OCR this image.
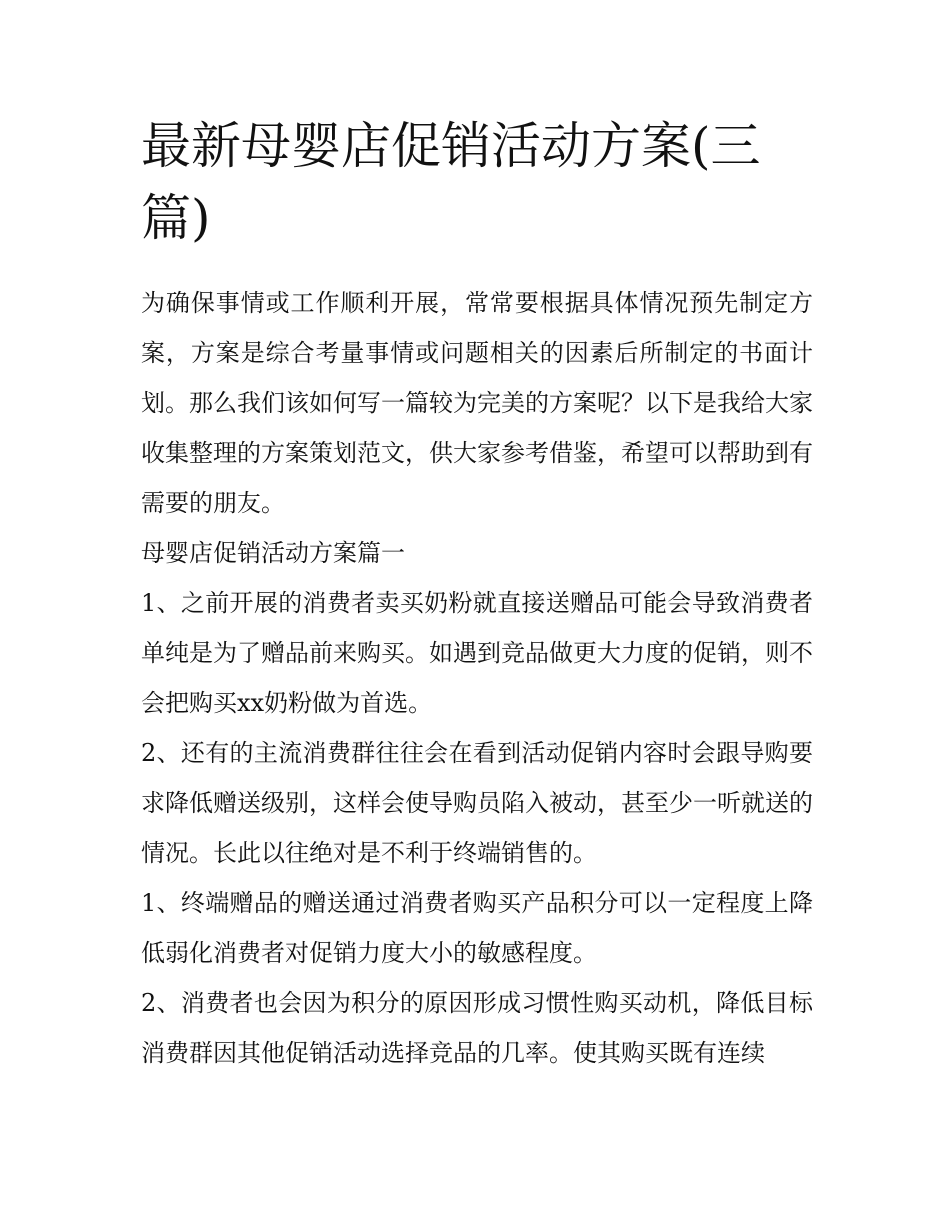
最新母婴店促销活动方案(三篇)

为确保事情或工作顺利开展，常常要根据具体情况预先制定方案，方案是综合考量事情或问题相关的因素后所制定的书面计划。那么我们该如何写一篇较为完美的方案呢？以下是我给大家收集整理的方案策划范文，供大家参考借鉴，希望可以帮助到有需要的朋友。

母婴店促销活动方案篇一

1、之前开展的消费者卖买奶粉就直接送赠品可能会导致消费者单纯是为了赠品前来购买。如遇到竞品做更大力度的促销，则不会把购买xx奶粉做为首选。

2、还有的主流消费群往往会在看到活动促销内容时会跟导购要求降低赠送级别，这样会使导购员陷入被动，甚至少一听就送的情况。长此以往绝对是不利于终端销售的。

1、终端赠品的赠送通过消费者购买产品积分可以一定程度上降低弱化消费者对促销力度大小的敏感程度。

2、消费者也会因为积分的原因形成习惯性购买动机，降低目标消费群因其他促销活动选择竞品的几率。使其购买既有连续
